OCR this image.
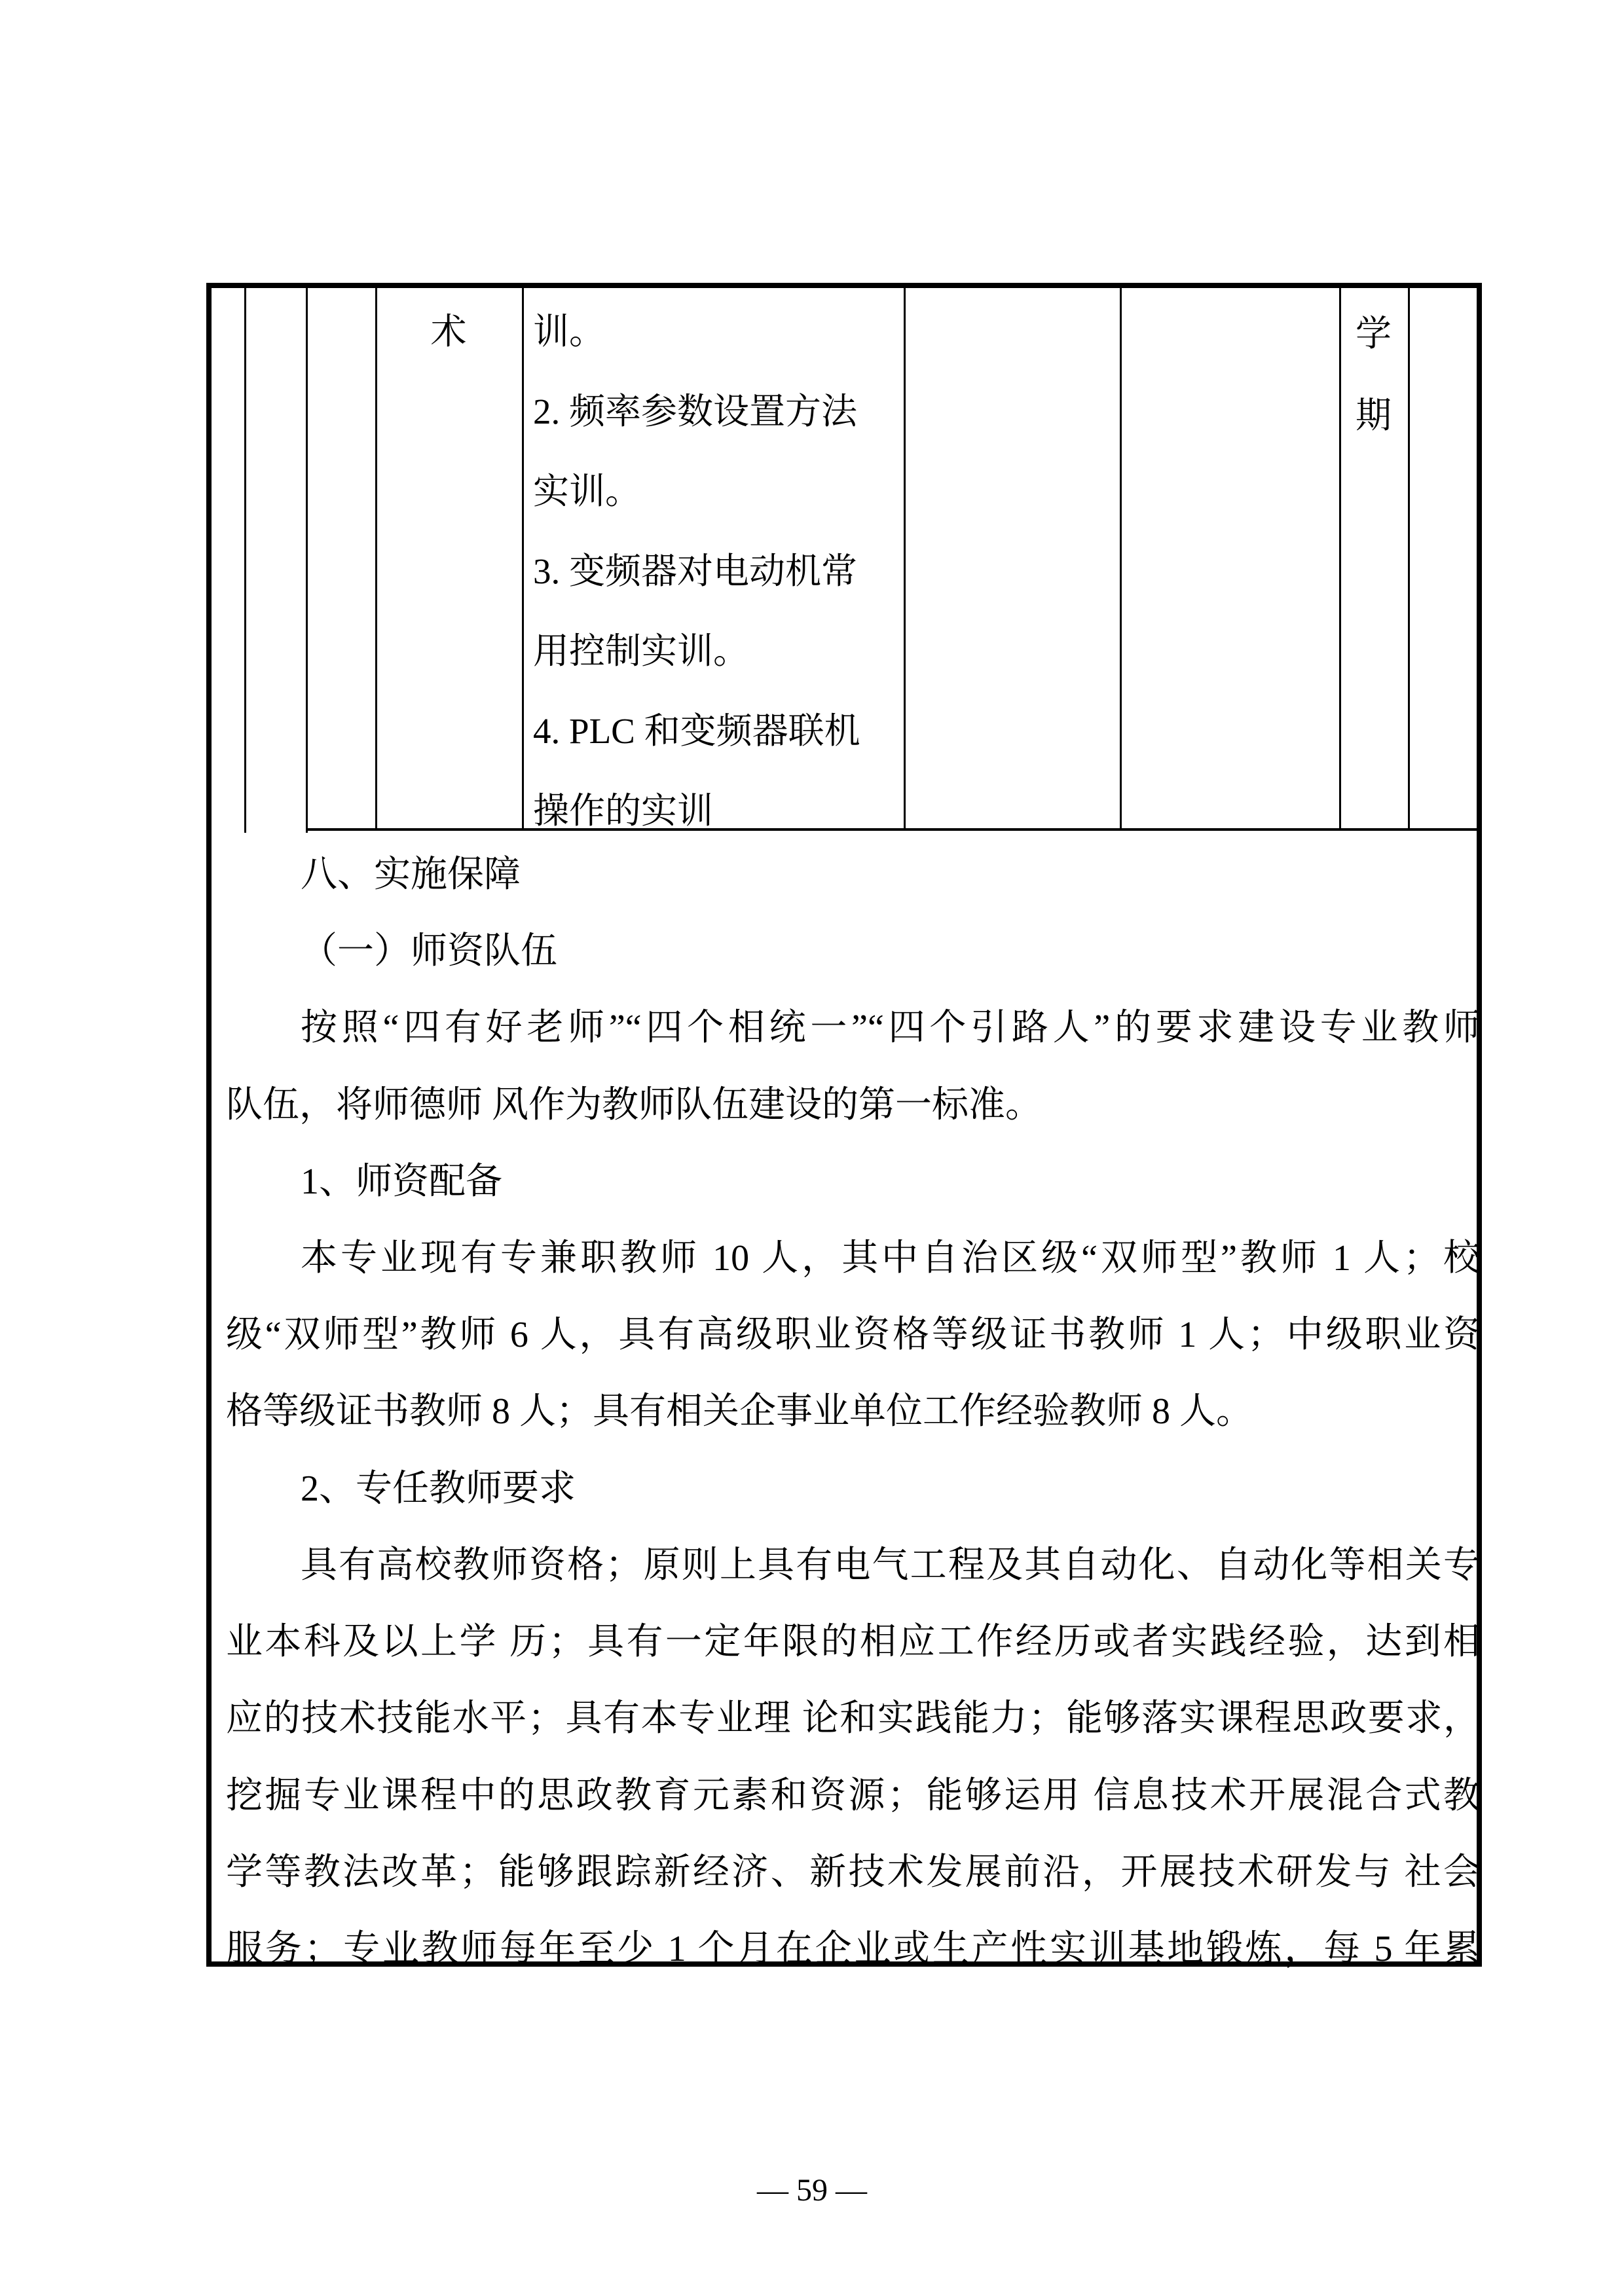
术	训。
2. 频率参数设置方法
实训。
3. 变频器对电动机常
用控制实训。
4. PLC 和变频器联机
操作的实训
学
期
八、实施保障
（一）师资队伍
按照“四有好老师”“四个相统一”“四个引路人”的要求建设专业教师
队伍，将师德师 风作为教师队伍建设的第一标准。
1、师资配备
本专业现有专兼职教师 10 人，其中自治区级“双师型”教师 1 人；校
级“双师型”教师 6 人，具有高级职业资格等级证书教师 1 人；中级职业资
格等级证书教师 8 人；具有相关企事业单位工作经验教师 8 人。
2、专任教师要求
具有高校教师资格；原则上具有电气工程及其自动化、自动化等相关专
业本科及以上学 历；具有一定年限的相应工作经历或者实践经验，达到相
应的技术技能水平；具有本专业理 论和实践能力；能够落实课程思政要求，
挖掘专业课程中的思政教育元素和资源；能够运用 信息技术开展混合式教
学等教法改革；能够跟踪新经济、新技术发展前沿，开展技术研发与 社会
服务；专业教师每年至少 1 个月在企业或生产性实训基地锻炼，每 5 年累
— 59 —
